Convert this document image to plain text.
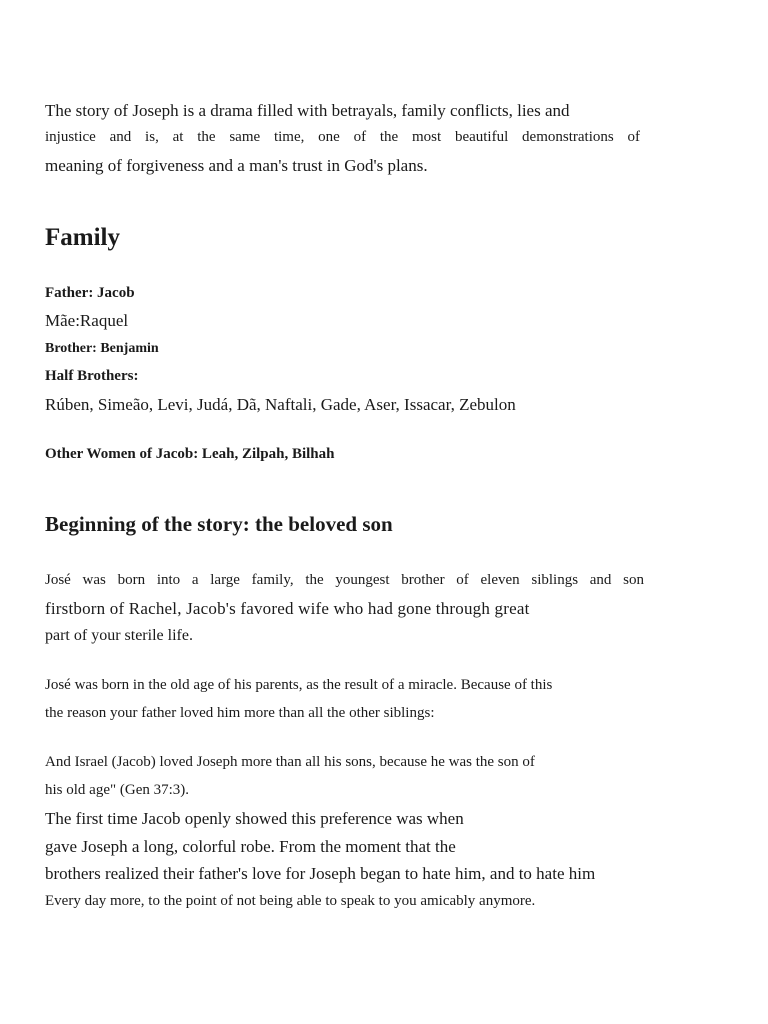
The story of Joseph is a drama filled with betrayals, family conflicts, lies and

injustice and is, at the same time, one of the most beautiful demonstrations of

meaning of forgiveness and a man's trust in God's plans.

Family

Father: Jacob

Mãe:Raquel

Brother: Benjamin

Half Brothers:

Rúben, Simeão, Levi, Judá, Dã, Naftali, Gade, Aser, Issacar, Zebulon

Other Women of Jacob: Leah, Zilpah, Bilhah

Beginning of the story: the beloved son

José was born into a large family, the youngest brother of eleven siblings and son

firstborn of Rachel, Jacob's favored wife who had gone through great

part of your sterile life.

José was born in the old age of his parents, as the result of a miracle. Because of this

the reason your father loved him more than all the other siblings:

And Israel (Jacob) loved Joseph more than all his sons, because he was the son of

his old age" (Gen 37:3).

The first time Jacob openly showed this preference was when

gave Joseph a long, colorful robe. From the moment that the

brothers realized their father's love for Joseph began to hate him, and to hate him

Every day more, to the point of not being able to speak to you amicably anymore.
